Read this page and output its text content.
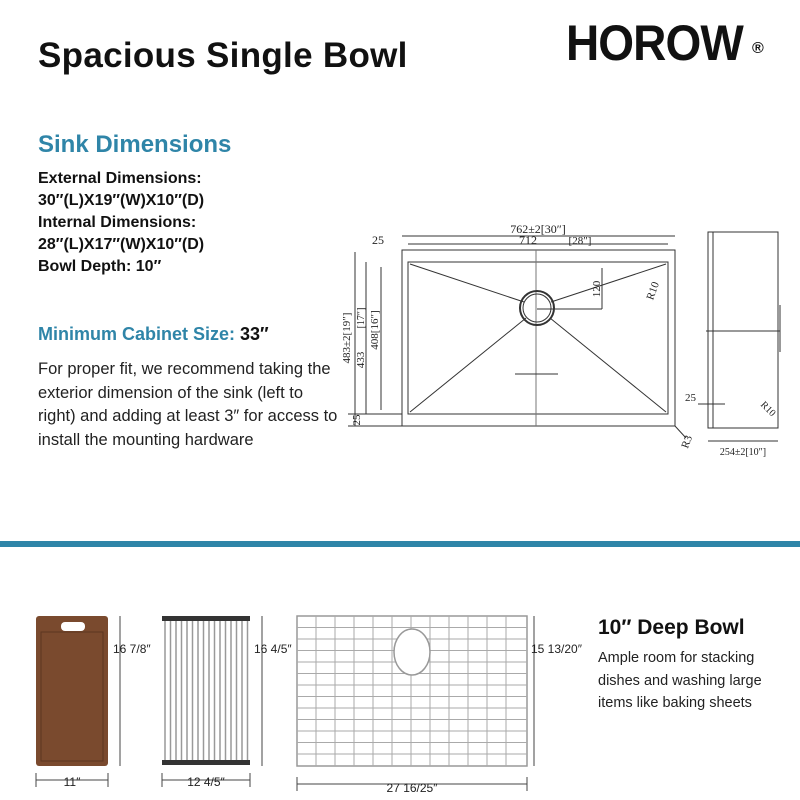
Spacious Single Bowl	HOROW ®
Sink Dimensions
External Dimensions:
30″(L)X19″(W)X10″(D)
Internal Dimensions:
28″(L)X17″(W)X10″(D)
Bowl Depth: 10″
Minimum Cabinet Size: 33″
For proper fit, we recommend taking the exterior dimension of the sink (left to right) and adding at least 3″ for access to install the mounting hardware
762±2[30″]
712	[28″]
25
483±2[19″] 433
[17″] 408[16″]
120	R10
R3
25
25
R10
254±2[10″]
16 7/8″
11″	12 4/5″
16 4/5″	15 13/20″
27 16/25″
10″ Deep Bowl
Ample room for stacking dishes and washing large items like baking sheets
